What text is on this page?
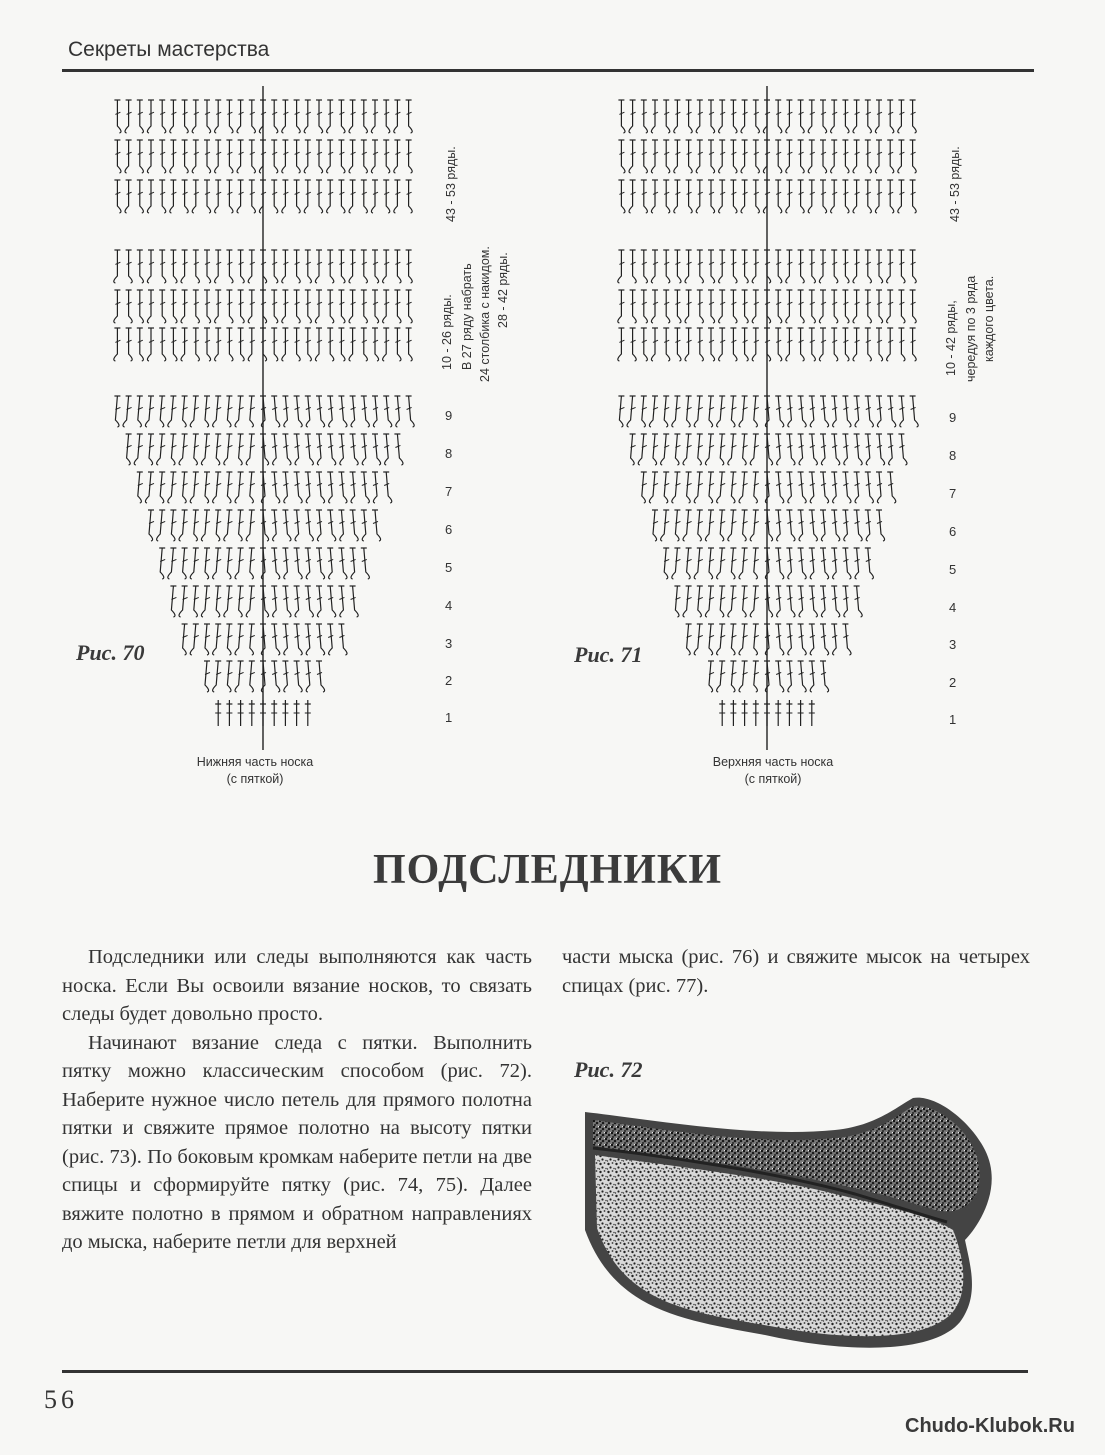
Секреты мастерства
43 - 53 ряды.
10 - 26 ряды. В 27 ряду набрать 24 столбика с накидом. 28 - 42 ряды.
9
8
7
6
5
4
3
2
1
Рис. 70
Нижняя часть носка
(с пяткой)
43 - 53 ряды.
10 - 42 ряды, чередуя по 3 ряда каждого цвета.
9
8
7
6
5
4
3
2
1
Рис. 71
Верхняя часть носка
(с пяткой)
ПОДСЛЕДНИКИ

Подследники или следы выполняются как часть носка. Если Вы освоили вязание носков, то связать следы будет довольно просто.

Начинают вязание следа с пятки. Выполнить пятку можно классическим способом (рис. 72). Наберите нужное число петель для прямого полотна пятки и свяжите прямое полотно на высоту пятки (рис. 73). По боковым кромкам наберите петли на две спицы и сформируйте пятку (рис. 74, 75). Далее вяжите полотно в прямом и обратном направлениях до мыска, наберите петли для верхней

части мыска (рис. 76) и свяжите мысок на четырех спицах (рис. 77).

Рис. 72
56
Chudo-Klubok.Ru
